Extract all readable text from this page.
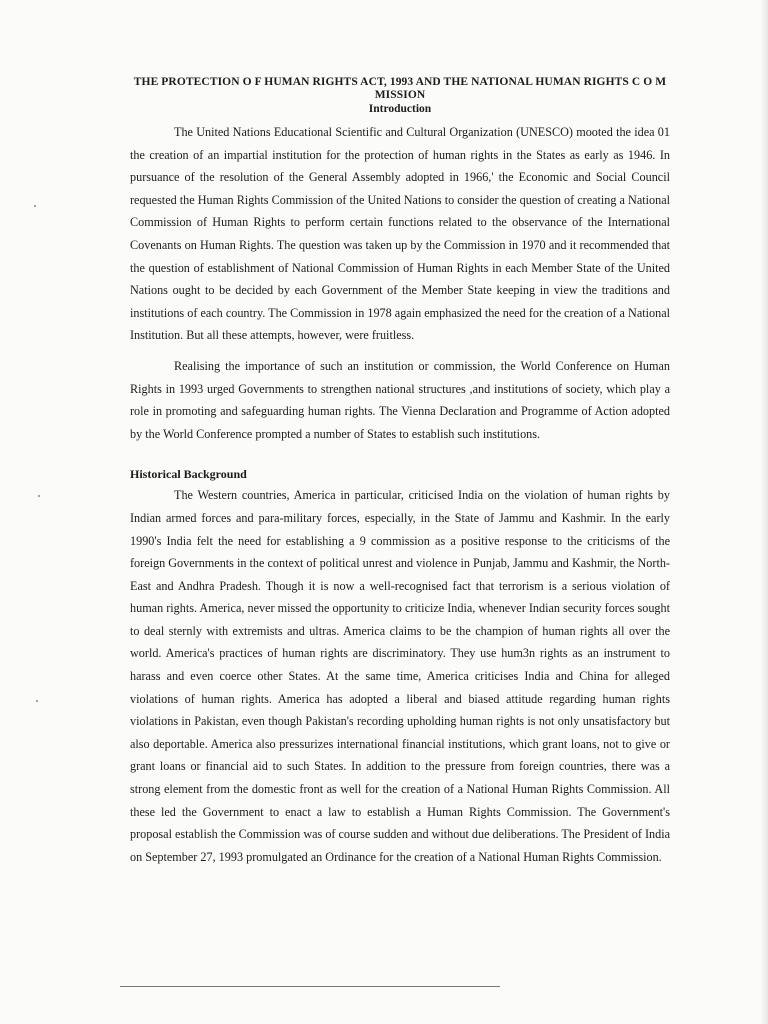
THE PROTECTION O F HUMAN RIGHTS ACT, 1993 AND THE NATIONAL HUMAN RIGHTS C O M MISSION

Introduction

The United Nations Educational Scientific and Cultural Organization (UNESCO) mooted the idea 01 the creation of an impartial institution for the protection of human rights in the States as early as 1946. In pursuance of the resolution of the General Assembly adopted in 1966,' the Economic and Social Council requested the Human Rights Commission of the United Nations to consider the question of creating a National Commission of Human Rights to perform certain functions related to the observance of the International Covenants on Human Rights. The question was taken up by the Commission in 1970 and it recommended that the question of establishment of National Commission of Human Rights in each Member State of the United Nations ought to be decided by each Government of the Member State keeping in view the traditions and institutions of each country. The Commission in 1978 again emphasized the need for the creation of a National Institution. But all these attempts, however, were fruitless.

Realising the importance of such an institution or commission, the World Conference on Human Rights in 1993 urged Governments to strengthen national structures ,and institutions of society, which play a role in promoting and safeguarding human rights. The Vienna Declaration and Programme of Action adopted by the World Conference prompted a number of States to establish such institutions.

Historical Background

The Western countries, America in particular, criticised India on the violation of human rights by Indian armed forces and para-military forces, especially, in the State of Jammu and Kashmir. In the early 1990's India felt the need for establishing a 9 commission as a positive response to the criticisms of the foreign Governments in the context of political unrest and violence in Punjab, Jammu and Kashmir, the North-East and Andhra Pradesh. Though it is now a well-recognised fact that terrorism is a serious violation of human rights. America, never missed the opportunity to criticize India, whenever Indian security forces sought to deal sternly with extremists and ultras. America claims to be the champion of human rights all over the world. America's practices of human rights are discriminatory. They use hum3n rights as an instrument to harass and even coerce other States. At the same time, America criticises India and China for alleged violations of human rights. America has adopted a liberal and biased attitude regarding human rights violations in Pakistan, even though Pakistan's recording upholding human rights is not only unsatisfactory but also deportable. America also pressurizes international financial institutions, which grant loans, not to give or grant loans or financial aid to such States. In addition to the pressure from foreign countries, there was a strong element from the domestic front as well for the creation of a National Human Rights Commission. All these led the Government to enact a law to establish a Human Rights Commission. The Government's proposal establish the Commission was of course sudden and without due deliberations. The President of India on September 27, 1993 promulgated an Ordinance for the creation of a National Human Rights Commission.
